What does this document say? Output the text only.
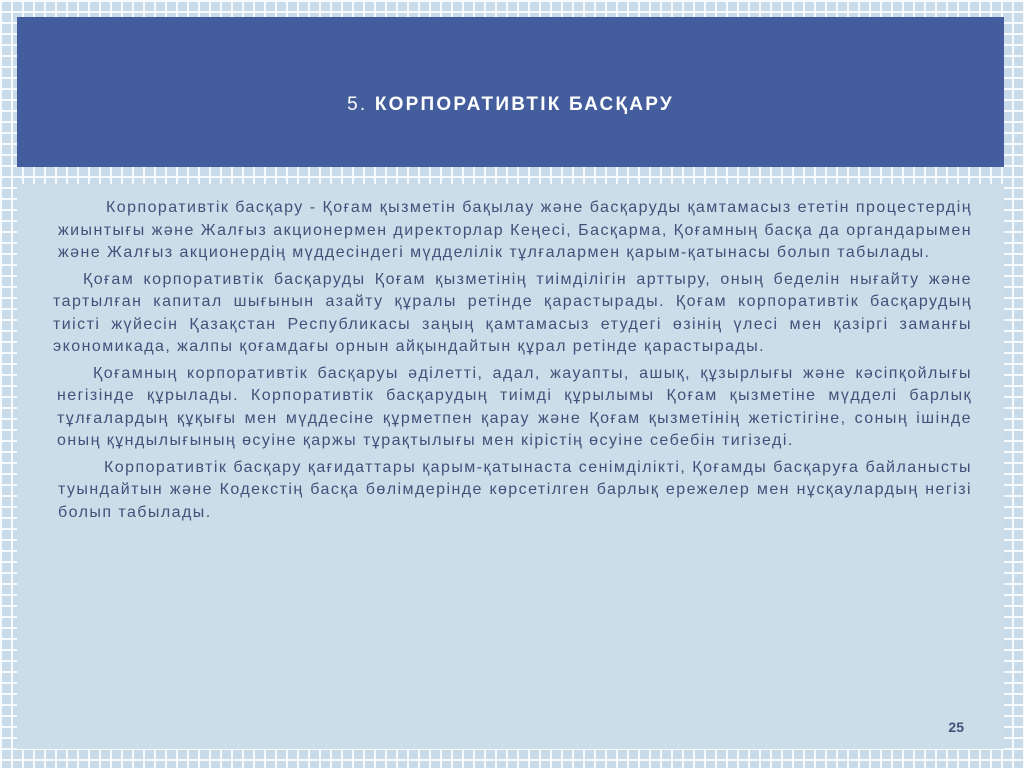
5. КОРПОРАТИВТІК БАСҚАРУ

Корпоративтік басқару - Қоғам қызметін бақылау және басқаруды қамтамасыз ететін процестердің жиынтығы және Жалғыз акционермен директорлар Кеңесі, Басқарма, Қоғамның басқа да органдарымен және Жалғыз акционердің мүддесіндегі мүдделілік тұлғалармен қарым-қатынасы болып табылады.

Қоғам корпоративтік басқаруды Қоғам қызметінің тиімділігін арттыру, оның беделін нығайту және тартылған капитал шығынын азайту құралы ретінде қарастырады. Қоғам корпоративтік басқарудың тиісті жүйесін Қазақстан Республикасы заңың қамтамасыз етудегі өзінің үлесі мен қазіргі заманғы экономикада, жалпы қоғамдағы орнын айқындайтын құрал ретінде қарастырады.

Қоғамның корпоративтік басқаруы әділетті, адал, жауапты, ашық, құзырлығы және кәсіпқойлығы негізінде құрылады. Корпоративтік басқарудың тиімді құрылымы Қоғам қызметіне мүдделі барлық тұлғалардың құқығы мен мүддесіне құрметпен қарау және Қоғам қызметінің жетістігіне, соның ішінде оның құндылығының өсуіне қаржы тұрақтылығы мен кірістің өсуіне себебін тигізеді.

Корпоративтік басқару қағидаттары қарым-қатынаста сенімділікті, Қоғамды басқаруға байланысты туындайтын және Кодекстің басқа бөлімдерінде көрсетілген барлық ережелер мен нұсқаулардың негізі болып табылады.

25
